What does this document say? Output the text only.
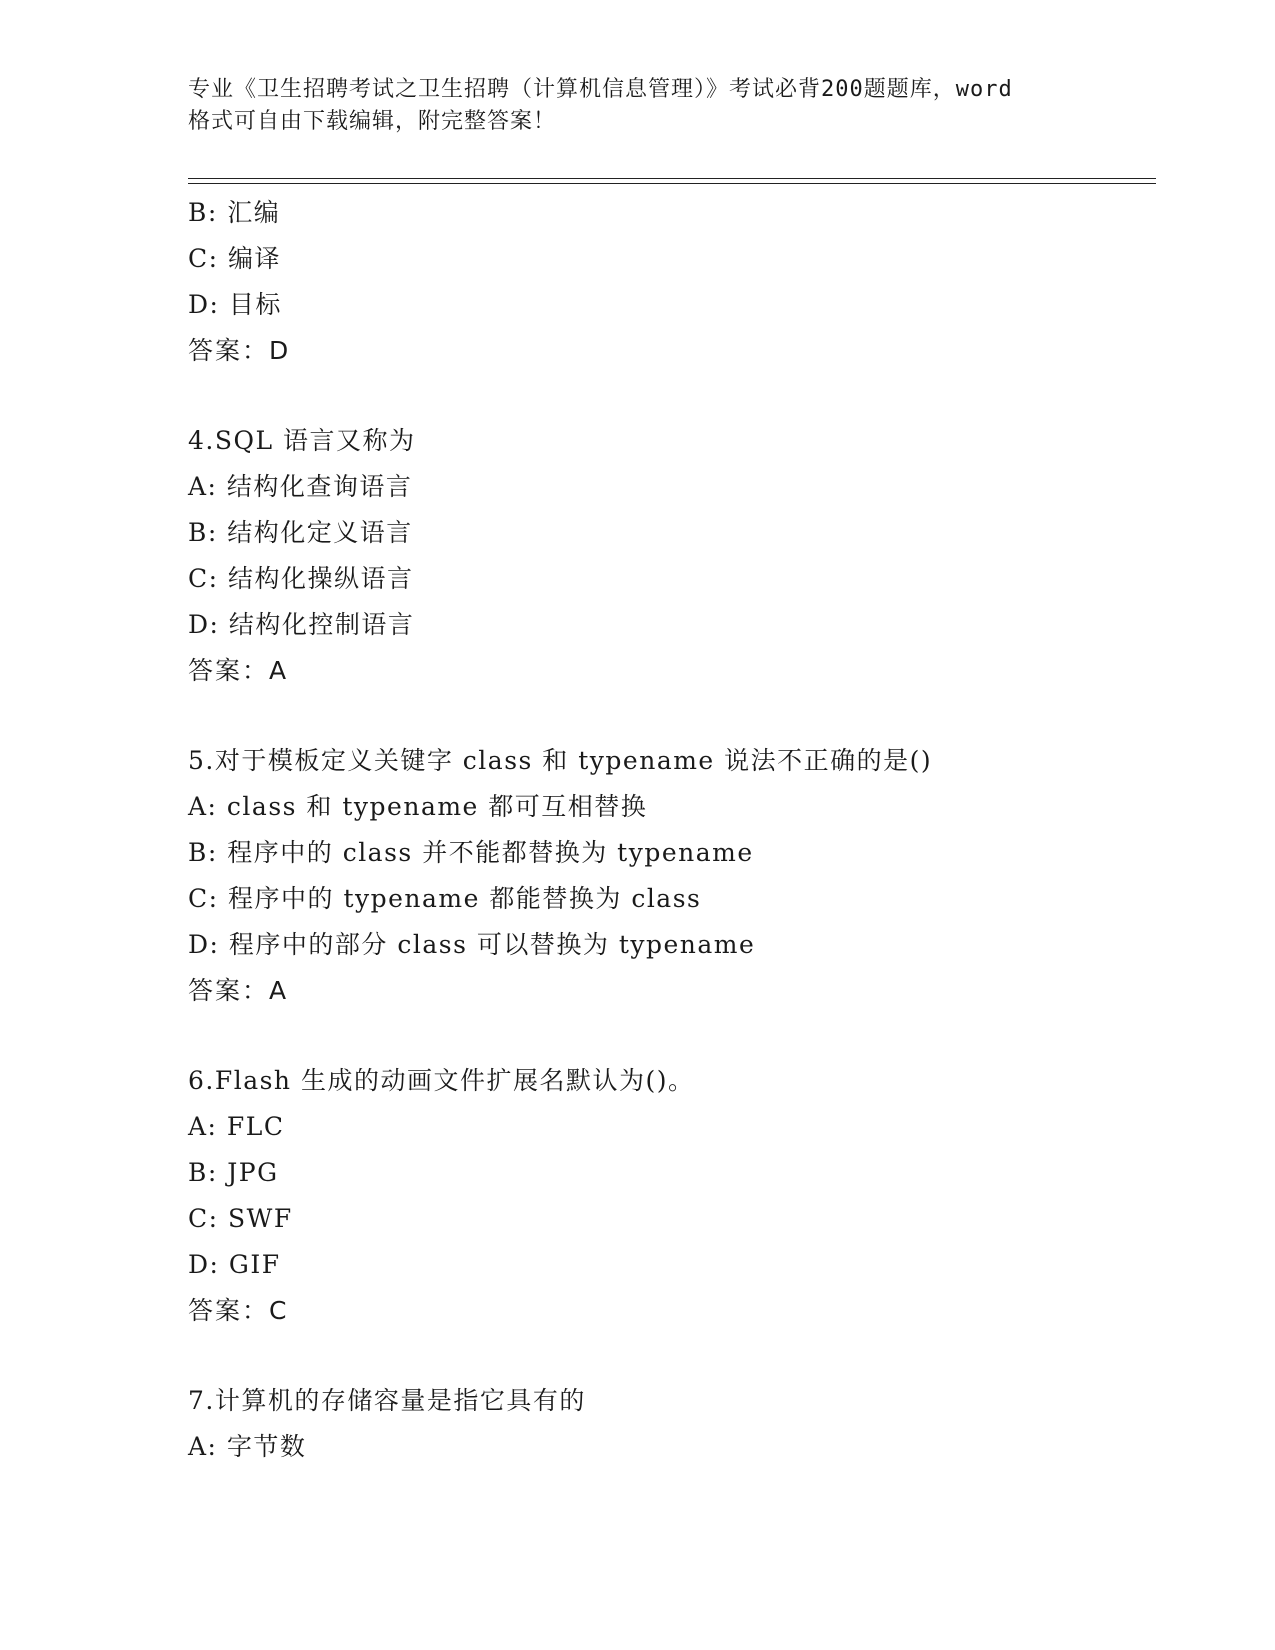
专业《卫生招聘考试之卫生招聘（计算机信息管理）》考试必背200题题库，word
格式可自由下载编辑，附完整答案！
B: 汇编
C: 编译
D: 目标
答案：D
4.SQL 语言又称为
A: 结构化查询语言
B: 结构化定义语言
C: 结构化操纵语言
D: 结构化控制语言
答案：A
5.对于模板定义关键字 class 和 typename 说法不正确的是()
A: class 和 typename 都可互相替换
B: 程序中的 class 并不能都替换为 typename
C: 程序中的 typename 都能替换为 class
D: 程序中的部分 class 可以替换为 typename
答案：A
6.Flash 生成的动画文件扩展名默认为()。
A: FLC
B: JPG
C: SWF
D: GIF
答案：C
7.计算机的存储容量是指它具有的
A: 字节数
